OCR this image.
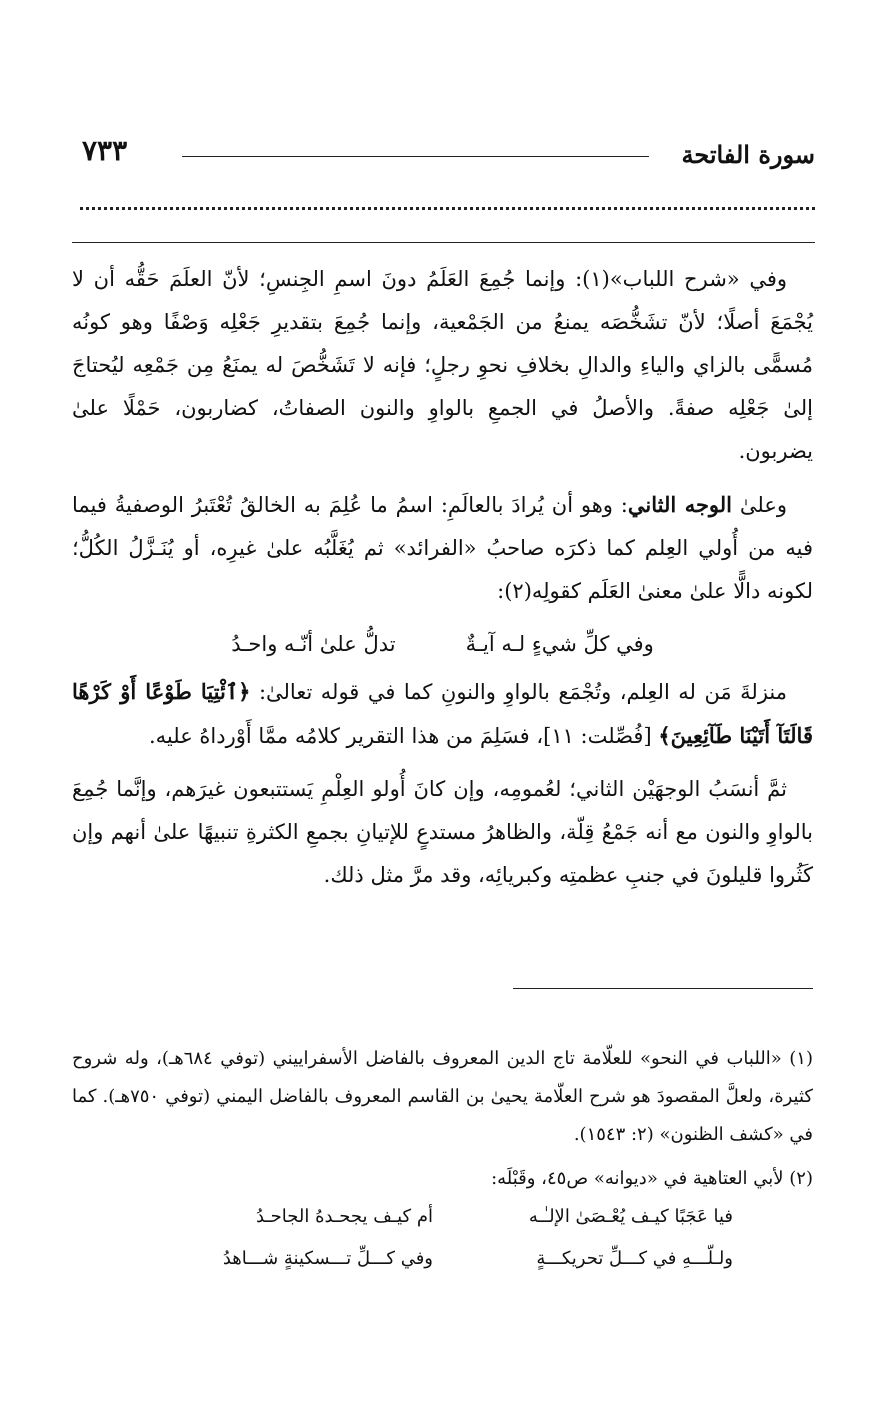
سورة الفاتحة
٧٣٣

وفي «شرح اللباب»(١): وإنما جُمِعَ العَلَمُ دونَ اسمِ الجِنسِ؛ لأنّ العلَمَ حَقُّه أن لا يُجْمَعَ أصلًا؛ لأنّ تشَخُّصَه يمنعُ من الجَمْعية، وإنما جُمِعَ بتقديرِ جَعْلِه وَصْفًا وهو كونُه مُسمًّى بالزاي والياءِ والدالِ بخلافِ نحوِ رجلٍ؛ فإنه لا تَشَخُّصَ له يمنَعُ مِن جَمْعِه ليُحتاجَ إلىٰ جَعْلِه صفةً. والأصلُ في الجمعِ بالواوِ والنون الصفاتُ، كضاربون، حَمْلًا علىٰ يضربون.

وعلىٰ الوجه الثاني: وهو أن يُرادَ بالعالَمِ: اسمُ ما عُلِمَ به الخالقُ تُعْتَبرُ الوصفيةُ فيما فيه من أُولي العِلم كما ذكرَه صاحبُ «الفرائد» ثم يُغَلَّبُه علىٰ غيرِه، أو يُنَـزَّلُ الكُلُّ؛ لكونه دالًّا علىٰ معنىٰ العَلَم كقولِه(٢):

وفي كلِّ شيءٍ لـه آيـةٌ
تدلُّ علىٰ أنّـه واحـدُ

منزلةَ مَن له العِلم، وتُجْمَع بالواوِ والنونِ كما في قوله تعالىٰ: ﴿ٱئْتِيَا طَوْعًا أَوْ كَرْهًا قَالَتَآ أَتَيْنَا طَآئِعِينَ﴾ [فُصِّلت: ١١]، فسَلِمَ من هذا التقرير كلامُه ممَّا أَوْرداهُ عليه.

ثمَّ أنسَبُ الوجهَيْن الثاني؛ لعُمومِه، وإن كانَ أُولو العِلْمِ يَستتبعون غيرَهم، وإنَّما جُمِعَ بالواوِ والنون مع أنه جَمْعُ قِلّة، والظاهرُ مستدعٍ للإتيانِ بجمعِ الكثرةِ تنبيهًا علىٰ أنهم وإن كَثُروا قليلونَ في جنبِ عظمتِه وكبريائِه، وقد مرَّ مثل ذلك.

(١) «اللباب في النحو» للعلّامة تاج الدين المعروف بالفاضل الأسفراييني (توفي ٦٨٤هـ)، وله شروح كثيرة، ولعلَّ المقصودَ هو شرح العلّامة يحيىٰ بن القاسم المعروف بالفاضل اليمني (توفي ٧٥٠هـ). كما في «كشف الظنون» (٢: ١٥٤٣).

(٢) لأبي العتاهية في «ديوانه» ص٤٥، وقَبْلَه:

فيا عَجَبًا كيـف يُعْـصَىٰ الإلـٰـه
أم كيـف يجحـدهُ الجاحـدُ
ولـلّـــهِ في كـــلِّ تحريكـــةٍ
وفي كـــلِّ تـــسكينةٍ شـــاهدُ
